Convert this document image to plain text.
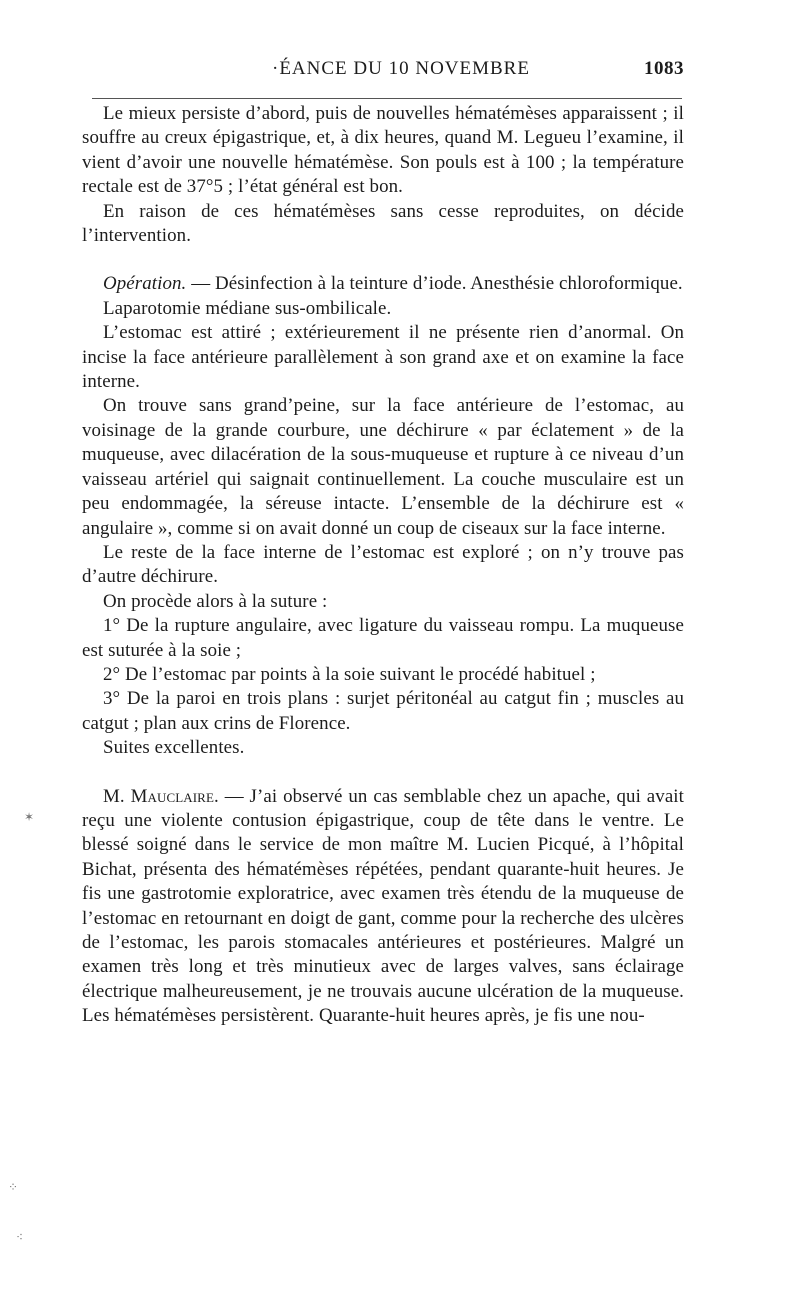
·ÉANCE DU 10 NOVEMBRE	1083

Le mieux persiste d’abord, puis de nouvelles hématémèses apparaissent ; il souffre au creux épigastrique, et, à dix heures, quand M. Legueu l’examine, il vient d’avoir une nouvelle hématémèse. Son pouls est à 100 ; la température rectale est de 37°5 ; l’état général est bon.

En raison de ces hématémèses sans cesse reproduites, on décide l’intervention.

Opération. — Désinfection à la teinture d’iode. Anesthésie chloroformique.

Laparotomie médiane sus-ombilicale.

L’estomac est attiré ; extérieurement il ne présente rien d’anormal. On incise la face antérieure parallèlement à son grand axe et on examine la face interne.

On trouve sans grand’peine, sur la face antérieure de l’estomac, au voisinage de la grande courbure, une déchirure « par éclatement » de la muqueuse, avec dilacération de la sous-muqueuse et rupture à ce niveau d’un vaisseau artériel qui saignait continuellement. La couche musculaire est un peu endommagée, la séreuse intacte. L’ensemble de la déchirure est « angulaire », comme si on avait donné un coup de ciseaux sur la face interne.

Le reste de la face interne de l’estomac est exploré ; on n’y trouve pas d’autre déchirure.

On procède alors à la suture :

1° De la rupture angulaire, avec ligature du vaisseau rompu. La muqueuse est suturée à la soie ;

2° De l’estomac par points à la soie suivant le procédé habituel ;

3° De la paroi en trois plans : surjet péritonéal au catgut fin ; muscles au catgut ; plan aux crins de Florence.

Suites excellentes.

M. Mauclaire. — J’ai observé un cas semblable chez un apache, qui avait reçu une violente contusion épigastrique, coup de tête dans le ventre. Le blessé soigné dans le service de mon maître M. Lucien Picqué, à l’hôpital Bichat, présenta des hématémèses répétées, pendant quarante-huit heures. Je fis une gastrotomie exploratrice, avec examen très étendu de la muqueuse de l’estomac en retournant en doigt de gant, comme pour la recherche des ulcères de l’estomac, les parois stomacales antérieures et postérieures. Malgré un examen très long et très minutieux avec de larges valves, sans éclairage électrique malheureusement, je ne trouvais aucune ulcération de la muqueuse. Les hématémèses persistèrent. Quarante-huit heures après, je fis une nou-

✶
⁘
⁖
